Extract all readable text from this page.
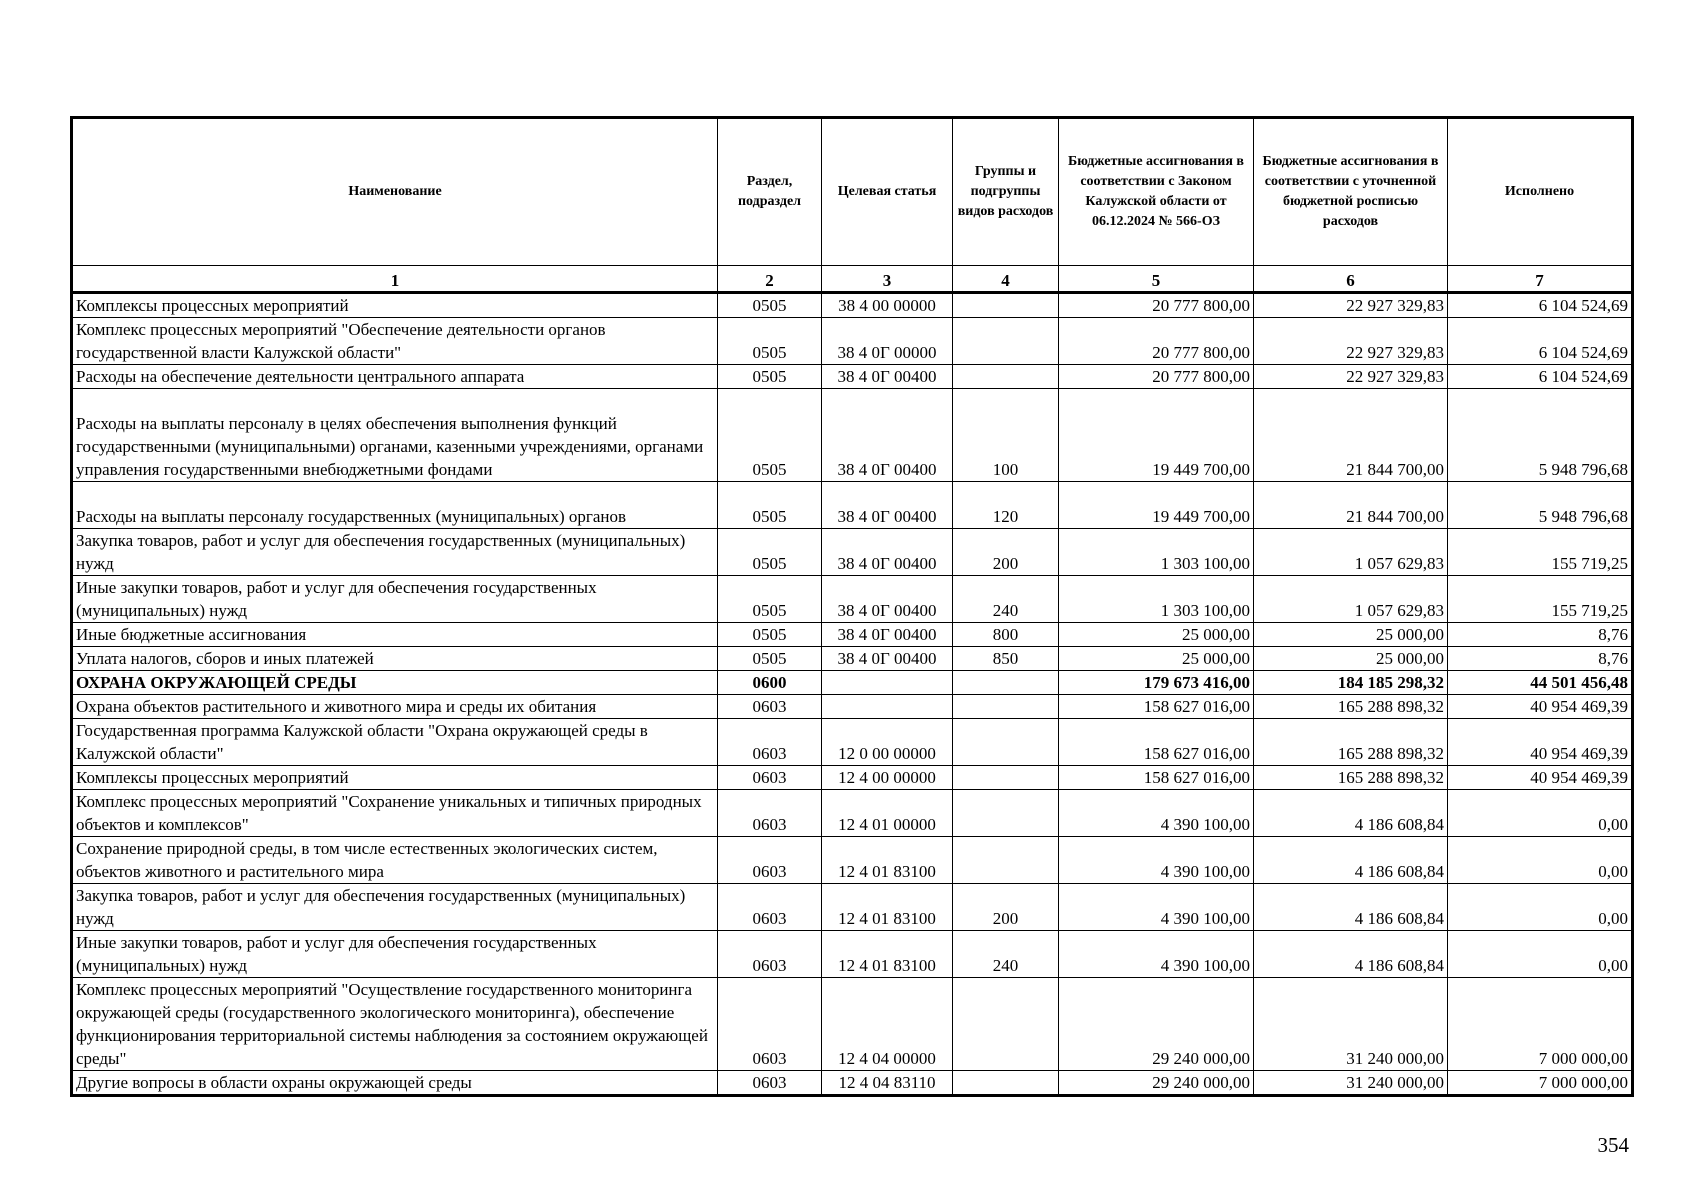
Наименование	Раздел, подраздел	Целевая статья	Группы и подгруппы видов расходов	Бюджетные ассигнования в соответствии с Законом Калужской области от 06.12.2024 № 566-ОЗ	Бюджетные ассигнования в соответствии с уточненной бюджетной росписью расходов	Исполнено
1	2	3	4	5	6	7
Комплексы процессных мероприятий	0505	38 4 00 00000		20 777 800,00	22 927 329,83	6 104 524,69
Комплекс процессных мероприятий "Обеспечение деятельности органов государственной власти Калужской области"	0505	38 4 0Г 00000		20 777 800,00	22 927 329,83	6 104 524,69
Расходы на обеспечение деятельности центрального аппарата	0505	38 4 0Г 00400		20 777 800,00	22 927 329,83	6 104 524,69
Расходы на выплаты персоналу в целях обеспечения выполнения функций государственными (муниципальными) органами, казенными учреждениями, органами управления государственными внебюджетными фондами	0505	38 4 0Г 00400	100	19 449 700,00	21 844 700,00	5 948 796,68
Расходы на выплаты персоналу государственных (муниципальных) органов	0505	38 4 0Г 00400	120	19 449 700,00	21 844 700,00	5 948 796,68
Закупка товаров, работ и услуг для обеспечения государственных (муниципальных) нужд	0505	38 4 0Г 00400	200	1 303 100,00	1 057 629,83	155 719,25
Иные закупки товаров, работ и услуг для обеспечения государственных (муниципальных) нужд	0505	38 4 0Г 00400	240	1 303 100,00	1 057 629,83	155 719,25
Иные бюджетные ассигнования	0505	38 4 0Г 00400	800	25 000,00	25 000,00	8,76
Уплата налогов, сборов и иных платежей	0505	38 4 0Г 00400	850	25 000,00	25 000,00	8,76
ОХРАНА ОКРУЖАЮЩЕЙ СРЕДЫ	0600			179 673 416,00	184 185 298,32	44 501 456,48
Охрана объектов растительного и животного мира и среды их обитания	0603			158 627 016,00	165 288 898,32	40 954 469,39
Государственная программа Калужской области "Охрана окружающей среды в Калужской области"	0603	12 0 00 00000		158 627 016,00	165 288 898,32	40 954 469,39
Комплексы процессных мероприятий	0603	12 4 00 00000		158 627 016,00	165 288 898,32	40 954 469,39
Комплекс процессных мероприятий "Сохранение уникальных и типичных природных объектов и комплексов"	0603	12 4 01 00000		4 390 100,00	4 186 608,84	0,00
Сохранение природной среды, в том числе естественных экологических систем, объектов животного и растительного мира	0603	12 4 01 83100		4 390 100,00	4 186 608,84	0,00
Закупка товаров, работ и услуг для обеспечения государственных (муниципальных) нужд	0603	12 4 01 83100	200	4 390 100,00	4 186 608,84	0,00
Иные закупки товаров, работ и услуг для обеспечения государственных (муниципальных) нужд	0603	12 4 01 83100	240	4 390 100,00	4 186 608,84	0,00
Комплекс процессных мероприятий "Осуществление государственного мониторинга окружающей среды (государственного экологического мониторинга), обеспечение функционирования территориальной системы наблюдения за состоянием окружающей среды"	0603	12 4 04 00000		29 240 000,00	31 240 000,00	7 000 000,00
Другие вопросы в области охраны окружающей среды	0603	12 4 04 83110		29 240 000,00	31 240 000,00	7 000 000,00
354
